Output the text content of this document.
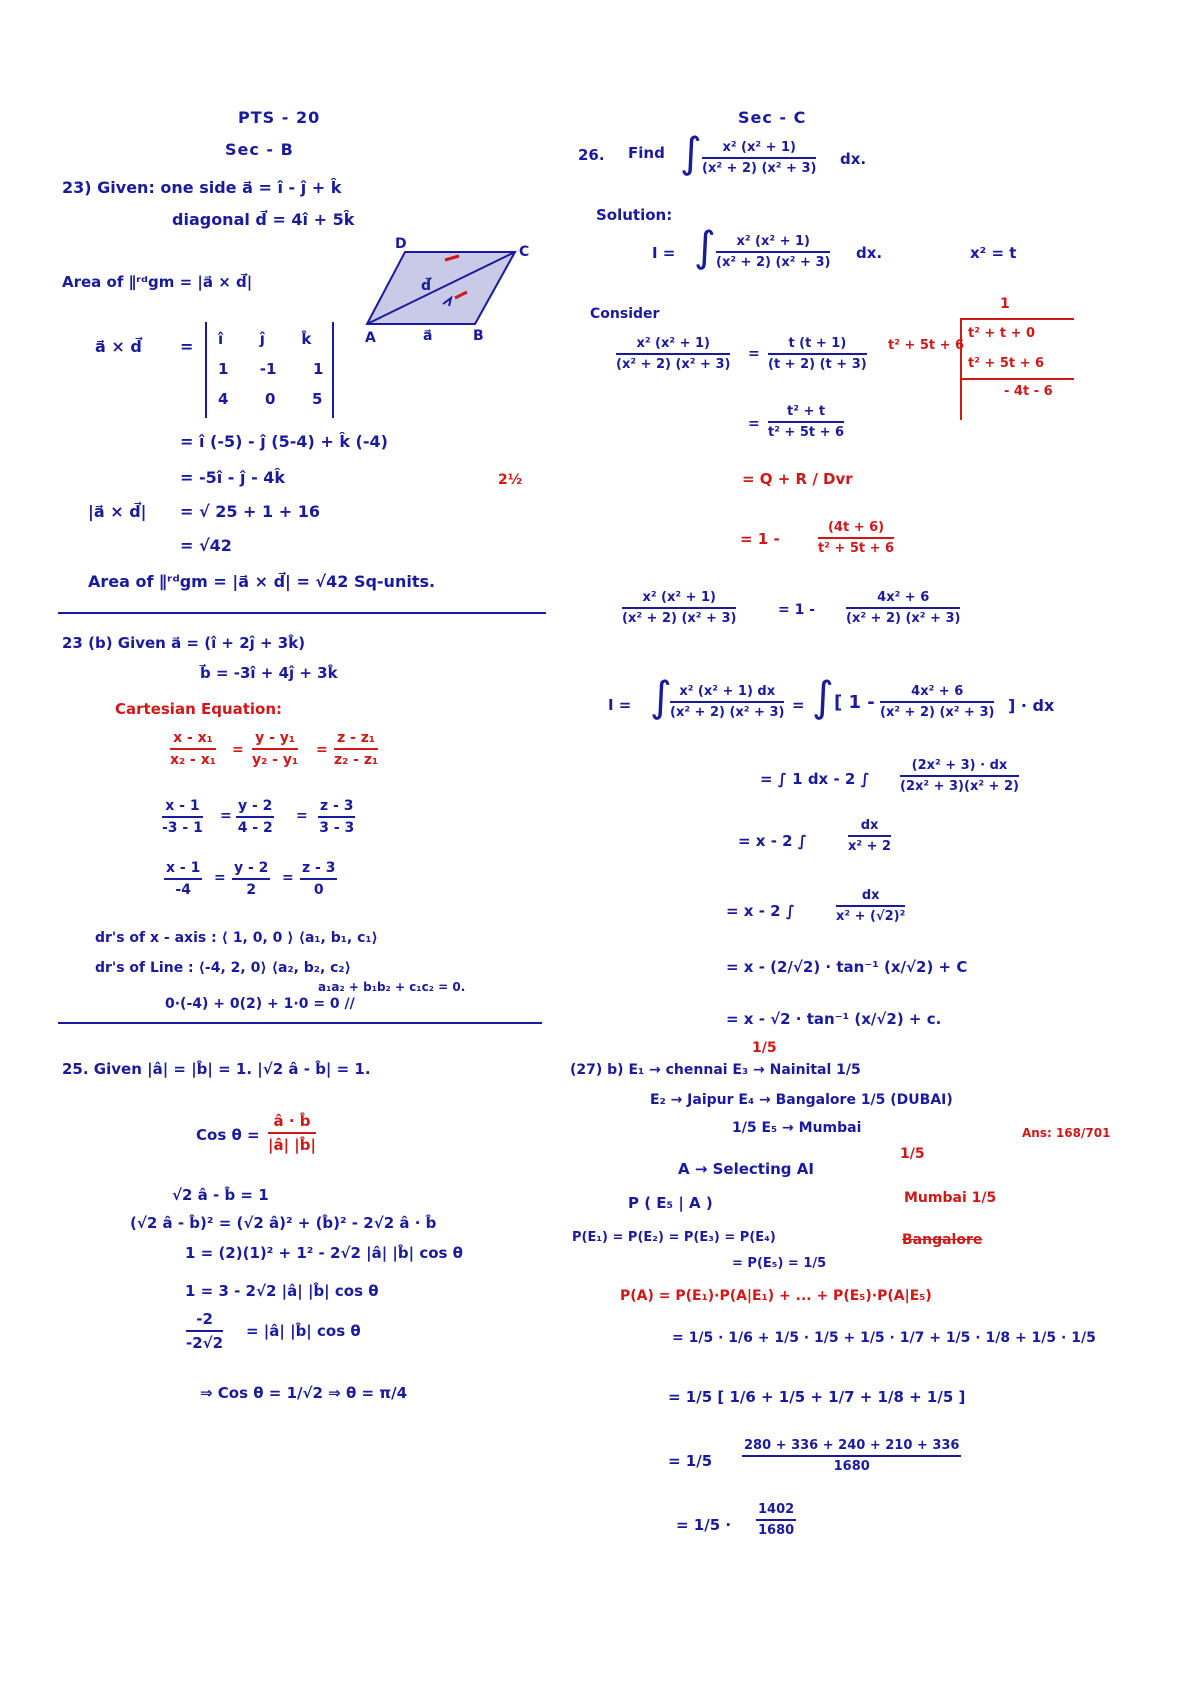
PTS - 20
Sec - B
23) Given: one side a⃗ = î - ĵ + k̂
diagonal d⃗ = 4î + 5k̂
Area of ∥ʳᵈgm = |a⃗ × d⃗|
D	C
A	B
d⃗
a⃗
a⃗ × d⃗ = î       ĵ       k̂
1      -1       1
4       0       5
= î (-5) - ĵ (5-4) + k̂ (-4)
= -5î - ĵ - 4k̂	2½
|a⃗ × d⃗| = √ 25 + 1 + 16
= √42
Area of ∥ʳᵈgm = |a⃗ × d⃗| = √42 Sq-units.
23 (b) Given a⃗ = (î + 2ĵ + 3k̂)
b⃗ = -3î + 4ĵ + 3k̂
Cartesian Equation:
$\frac{\text{x - x₁}}{\text{x₂ - x₁}} = \frac{\text{y - y₁}}{\text{y₂ - y₁}} = \frac{\text{z - z₁}}{\text{z₂ - z₁}}$
$\frac{x - 1}{-3 - 1} = \frac{y - 2}{4 - 2} = \frac{z - 3}{3 - 3}$
$\frac{x - 1}{-4} = \frac{y - 2}{2} = \frac{z - 3}{0}$
dr's of x - axis : ⟨ 1, 0, 0 ⟩ ⟨a₁, b₁, c₁⟩
dr's of Line : ⟨-4, 2, 0⟩ ⟨a₂, b₂, c₂⟩
a₁a₂ + b₁b₂ + c₁c₂ = 0.
0·(-4) + 0(2) + 1·0 = 0 //
25. Given |â| = |b̂| = 1. |√2 â - b̂| = 1.
Cos $\theta = \frac{â \cdot b̂}{|â| |b̂|}$
√2 â - b̂ = 1
(√2 â - b̂)² = (√2 â)² + (b̂)² - 2√2 â · b̂
1 = (2)(1)² + 1² - 2√2 |â| |b̂| cos θ
1 = 3 - 2√2 |â| |b̂| cos θ
$\frac{-2}{-2√2}$ = |â| |b̂| cos θ
⇒ Cos θ = 1/√2 ⇒ θ = π/4
Sec - C
26. Find ∫ $\frac{\text{x² (x² + 1)}}{\text{(x² + 2) (x² + 3)}}$ dx.
Solution:
I = ∫ $\frac{\text{x² (x² + 1)}}{\text{(x² + 2) (x² + 3)}}$ dx.	x² = t
Consider
$\frac{\text{x² (x² + 1)}}{\text{(x² + 2) (x² + 3)}} = \frac{t (t + 1)}{(t + 2) (t + 3)}$
= $\frac{\text{t² + t}}{\text{t² + 5t + 6}}$
= Q + R / Dvr
= 1 -	$\frac{(4t + 6)}{\text{t² + 5t + 6}}$
1
t² + 5t + 6
t² + t + 0
t² + 5t + 6
- 4t - 6
$\frac{\text{x² (x² + 1)}}{\text{(x² + 2) (x² + 3)}}$	= $1 - \frac{\text{4x² + 6}}{\text{(x² + 2) (x² + 3)}}$
I = ∫
$\frac{\text{x² (x² + 1) dx}}{\text{(x² + 2) (x² + 3)}}$ = ∫ [ $1 - \frac{\text{4x² + 6}}{\text{(x² + 2) (x² + 3)}}$ ] · dx
= ∫ 1 dx - 2 ∫ $\frac{\text{(2x² + 3) · dx}}{\text{(2x² + 3)(x² + 2)}}$
= x - 2 ∫	$\frac{dx}{\text{x² + 2}}$
= x - 2 ∫	$\frac{dx}{\text{x² + (√2)²}}$
= x - (2/√2) · tan⁻¹ (x/√2) + C
= x - √2 · tan⁻¹ (x/√2) + c.
1/5
(27) b) E₁ → chennai E₃ → Nainital 1/5
E₂ → Jaipur E₄ → Bangalore 1/5 (DUBAI)
1/5 E₅ → Mumbai
1/5
Ans: 168/701
A → Selecting AI
P ( E₅ | A )	Mumbai 1/5
Bangalore
P(E₁) = P(E₂) = P(E₃) = P(E₄)
= P(E₅) = 1/5
P(A) = P(E₁)·P(A|E₁) + ... + P(E₅)·P(A|E₅)
= 1/5 · 1/6 + 1/5 · 1/5 + 1/5 · 1/7 + 1/5 · 1/8 + 1/5 · 1/5
= 1/5 [ 1/6 + 1/5 + 1/7 + 1/8 + 1/5 ]
= $1/5 \frac{280 + 336 + 240 + 210 + 336}{1680}$
= $1/5 \cdot \frac{1402}{1680}$
